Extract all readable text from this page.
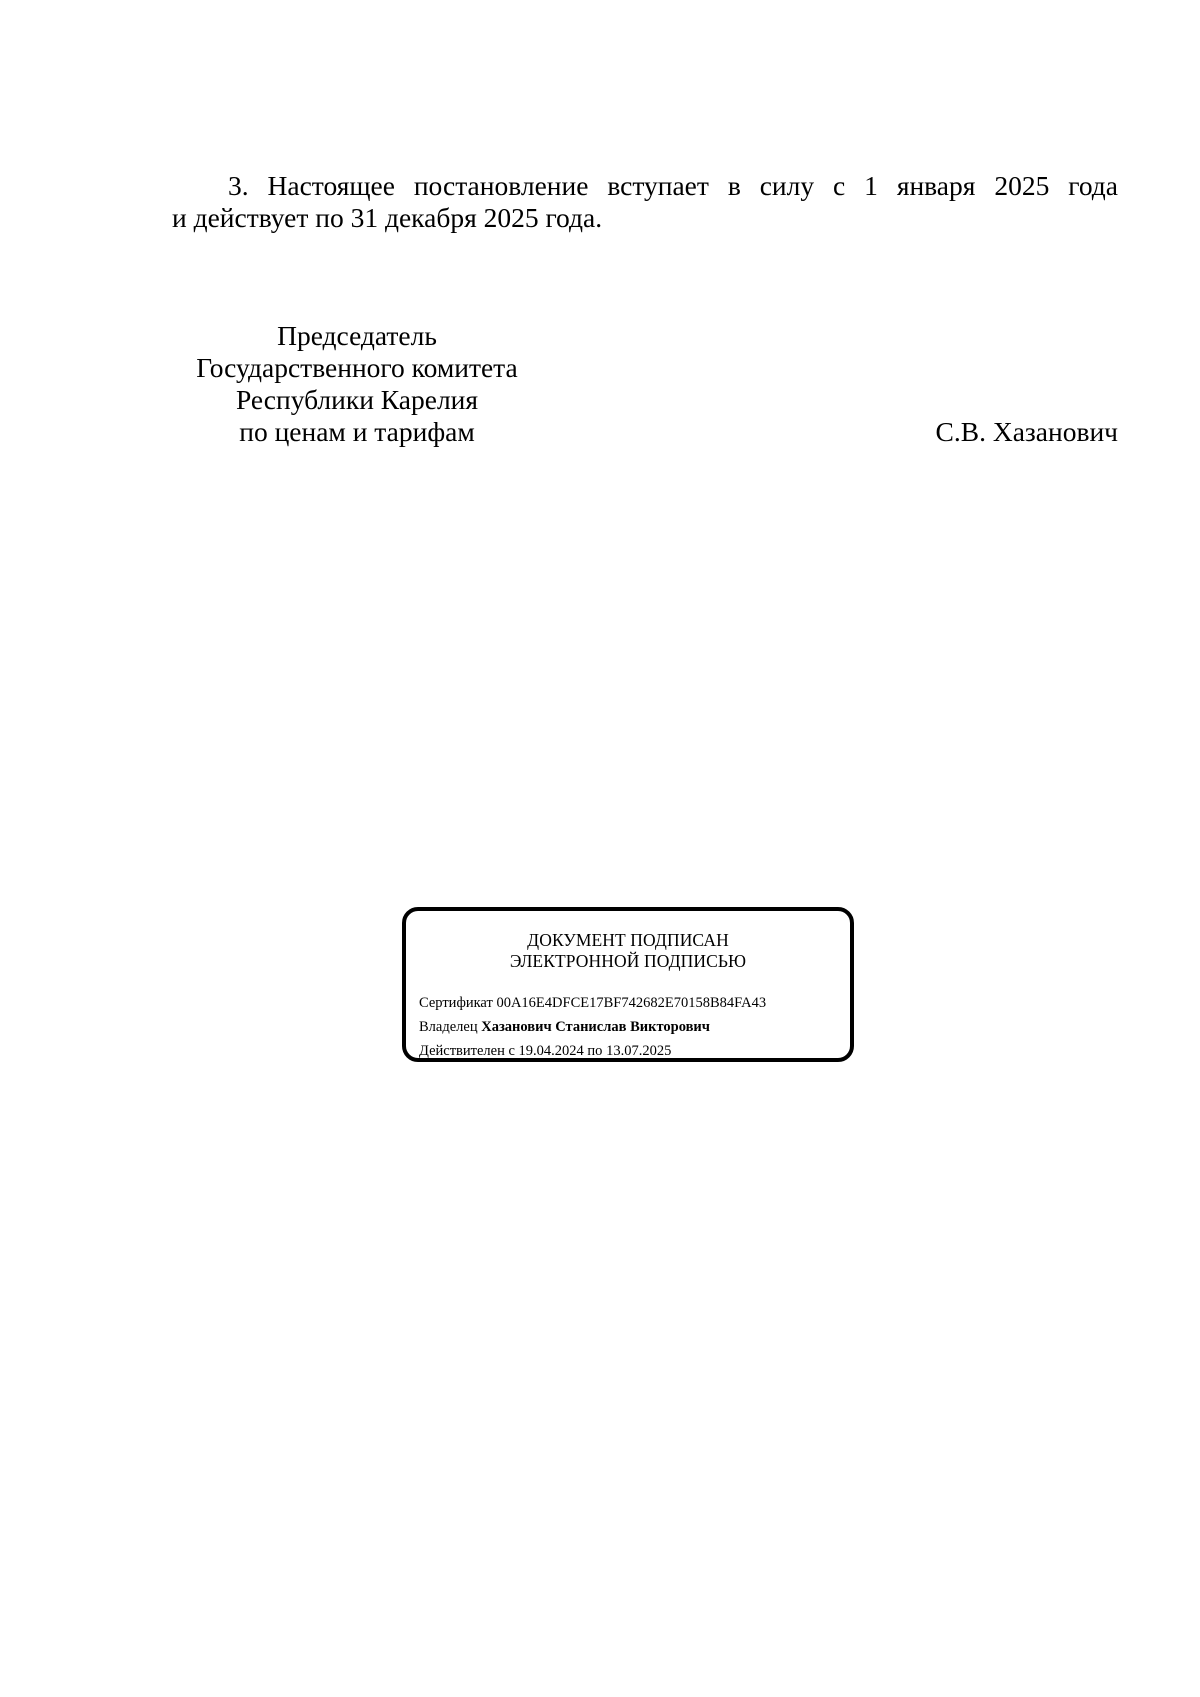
3. Настоящее постановление вступает в силу с 1 января 2025 года
и действует по 31 декабря 2025 года.
Председатель
Государственного комитета
Республики Карелия
по ценам и тарифам	С.В. Хазанович
ДОКУМЕНТ ПОДПИСАН
ЭЛЕКТРОННОЙ ПОДПИСЬЮ
Сертификат 00A16E4DFCE17BF742682E70158B84FA43
Владелец Хазанович Станислав Викторович
Действителен с 19.04.2024 по 13.07.2025
